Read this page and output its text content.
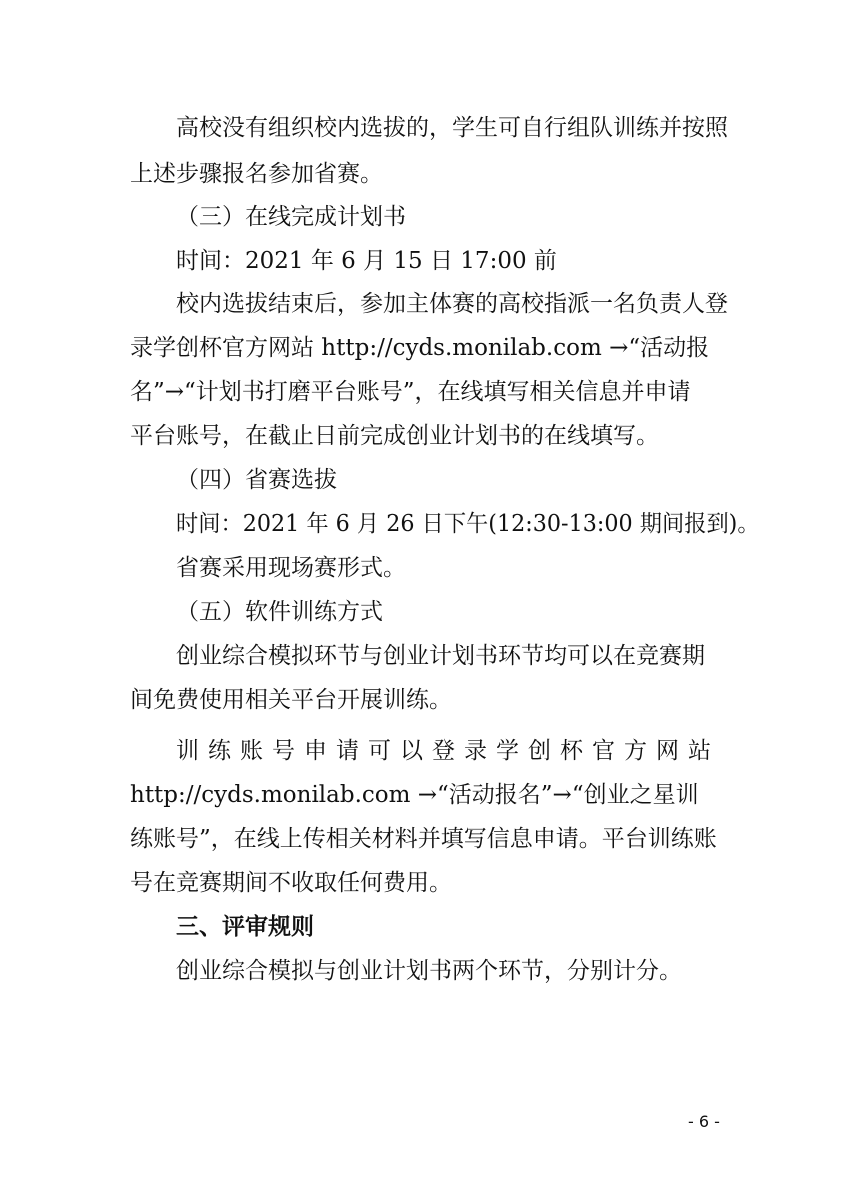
高校没有组织校内选拔的，学生可自行组队训练并按照
上述步骤报名参加省赛。
（三）在线完成计划书
时间：2021 年 6 月 15 日 17:00 前
校内选拔结束后，参加主体赛的高校指派一名负责人登
录学创杯官方网站 http://cyds.monilab.com →“活动报
名”→“计划书打磨平台账号”，在线填写相关信息并申请
平台账号，在截止日前完成创业计划书的在线填写。
（四）省赛选拔
时间：2021 年 6 月 26 日下午(12:30-13:00 期间报到)。
省赛采用现场赛形式。
（五）软件训练方式
创业综合模拟环节与创业计划书环节均可以在竞赛期
间免费使用相关平台开展训练。
训练账号申请可以登录学创杯官方网站
http://cyds.monilab.com →“活动报名”→“创业之星训
练账号”，在线上传相关材料并填写信息申请。平台训练账
号在竞赛期间不收取任何费用。
三、评审规则
创业综合模拟与创业计划书两个环节，分别计分。
- 6 -
